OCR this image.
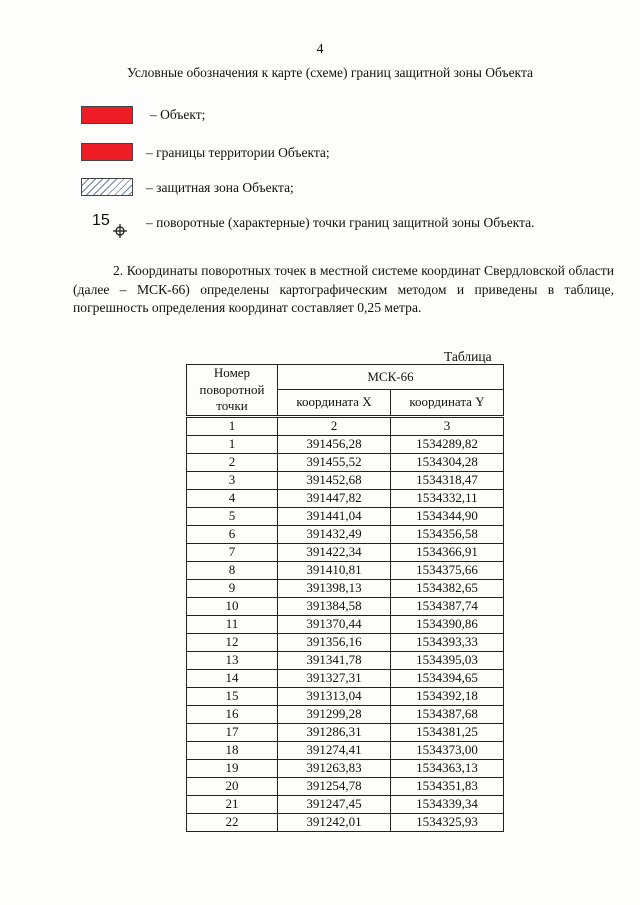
4
Условные обозначения к карте (схеме) границ защитной зоны Объекта
– Объект;
– границы территории Объекта;
– защитная зона Объекта;
15	– поворотные (характерные) точки границ защитной зоны Объекта.
2. Координаты поворотных точек в местной системе координат Свердловской области (далее – МСК-66) определены картографическим методом и приведены в таблице, погрешность определения координат составляет 0,25 метра.
Таблица
Номер поворотной точки	МСК-66	
	координата X	координата Y
1	2	3
1	391456,28	1534289,82
2	391455,52	1534304,28
3	391452,68	1534318,47
4	391447,82	1534332,11
5	391441,04	1534344,90
6	391432,49	1534356,58
7	391422,34	1534366,91
8	391410,81	1534375,66
9	391398,13	1534382,65
10	391384,58	1534387,74
11	391370,44	1534390,86
12	391356,16	1534393,33
13	391341,78	1534395,03
14	391327,31	1534394,65
15	391313,04	1534392,18
16	391299,28	1534387,68
17	391286,31	1534381,25
18	391274,41	1534373,00
19	391263,83	1534363,13
20	391254,78	1534351,83
21	391247,45	1534339,34
22	391242,01	1534325,93
